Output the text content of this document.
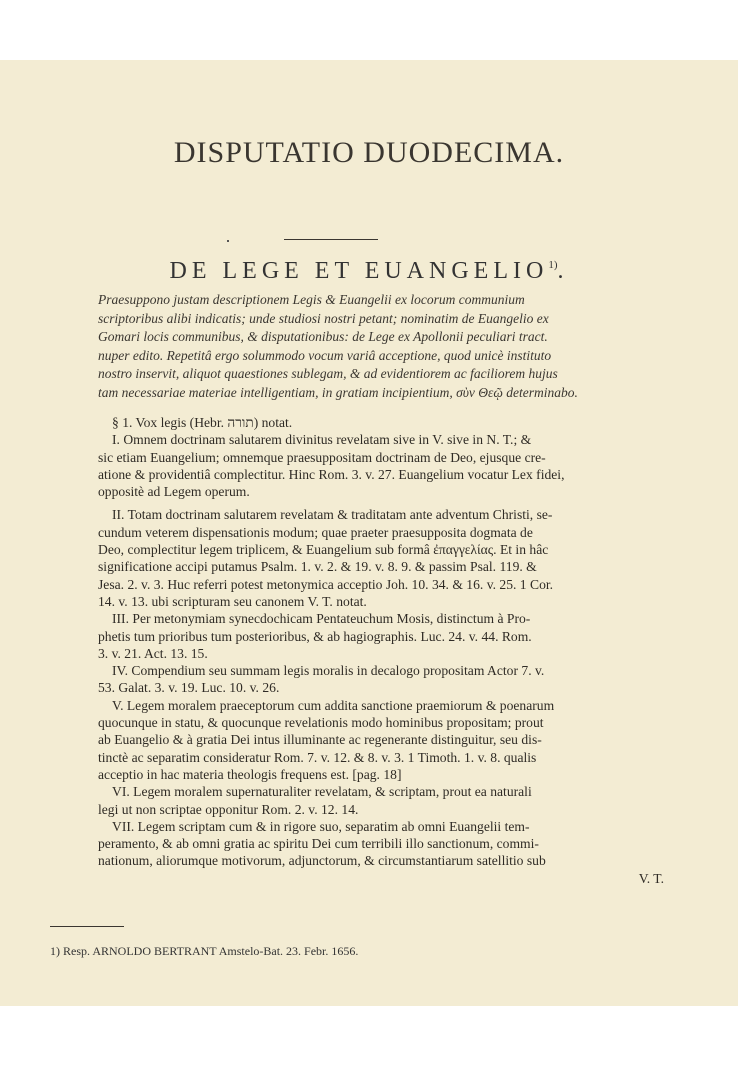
DISPUTATIO DUODECIMA.
DE LEGE ET EUANGELIO$^{1)}$.
Praesuppono justam descriptionem Legis & Euangelii ex locorum communium
scriptoribus alibi indicatis; unde studiosi nostri petant; nominatim de Euangelio ex
Gomari locis communibus, & disputationibus: de Lege ex Apollonii peculiari tract.
nuper edito. Repetitâ ergo solummodo vocum variâ acceptione, quod unicè instituto
nostro inservit, aliquot quaestiones sublegam, & ad evidentiorem ac faciliorem hujus
tam necessariae materiae intelligentiam, in gratiam incipientium, σὺν Θεῷ determinabo.
§ 1. Vox legis (Hebr. תורה) notat.
I. Omnem doctrinam salutarem divinitus revelatam sive in V. sive in N. T.; &
sic etiam Euangelium; omnemque praesuppositam doctrinam de Deo, ejusque cre-
atione & providentiâ complectitur. Hinc Rom. 3. v. 27. Euangelium vocatur Lex fidei,
oppositè ad Legem operum.
II. Totam doctrinam salutarem revelatam & traditatam ante adventum Christi, se-
cundum veterem dispensationis modum; quae praeter praesupposita dogmata de
Deo, complectitur legem triplicem, & Euangelium sub formâ ἐπαγγελίας. Et in hâc
significatione accipi putamus Psalm. 1. v. 2. & 19. v. 8. 9. & passim Psal. 119. &
Jesa. 2. v. 3. Huc referri potest metonymica acceptio Joh. 10. 34. & 16. v. 25. 1 Cor.
14. v. 13. ubi scripturam seu canonem V. T. notat.
III. Per metonymiam synecdochicam Pentateuchum Mosis, distinctum à Pro-
phetis tum prioribus tum posterioribus, & ab hagiographis. Luc. 24. v. 44. Rom.
3. v. 21. Act. 13. 15.
IV. Compendium seu summam legis moralis in decalogo propositam Actor 7. v.
53. Galat. 3. v. 19. Luc. 10. v. 26.
V. Legem moralem praeceptorum cum addita sanctione praemiorum & poenarum
quocunque in statu, & quocunque revelationis modo hominibus propositam; prout
ab Euangelio & à gratia Dei intus illuminante ac regenerante distinguitur, seu dis-
tinctè ac separatim consideratur Rom. 7. v. 12. & 8. v. 3. 1 Timoth. 1. v. 8. qualis
acceptio in hac materia theologis frequens est. [pag. 18]
VI. Legem moralem supernaturaliter revelatam, & scriptam, prout ea naturali
legi ut non scriptae opponitur Rom. 2. v. 12. 14.
VII. Legem scriptam cum & in rigore suo, separatim ab omni Euangelii tem-
peramento, & ab omni gratia ac spiritu Dei cum terribili illo sanctionum, commi-
nationum, aliorumque motivorum, adjunctorum, & circumstantiarum satellitio sub
V. T.
1) Resp. ARNOLDO BERTRANT Amstelo-Bat. 23. Febr. 1656.
